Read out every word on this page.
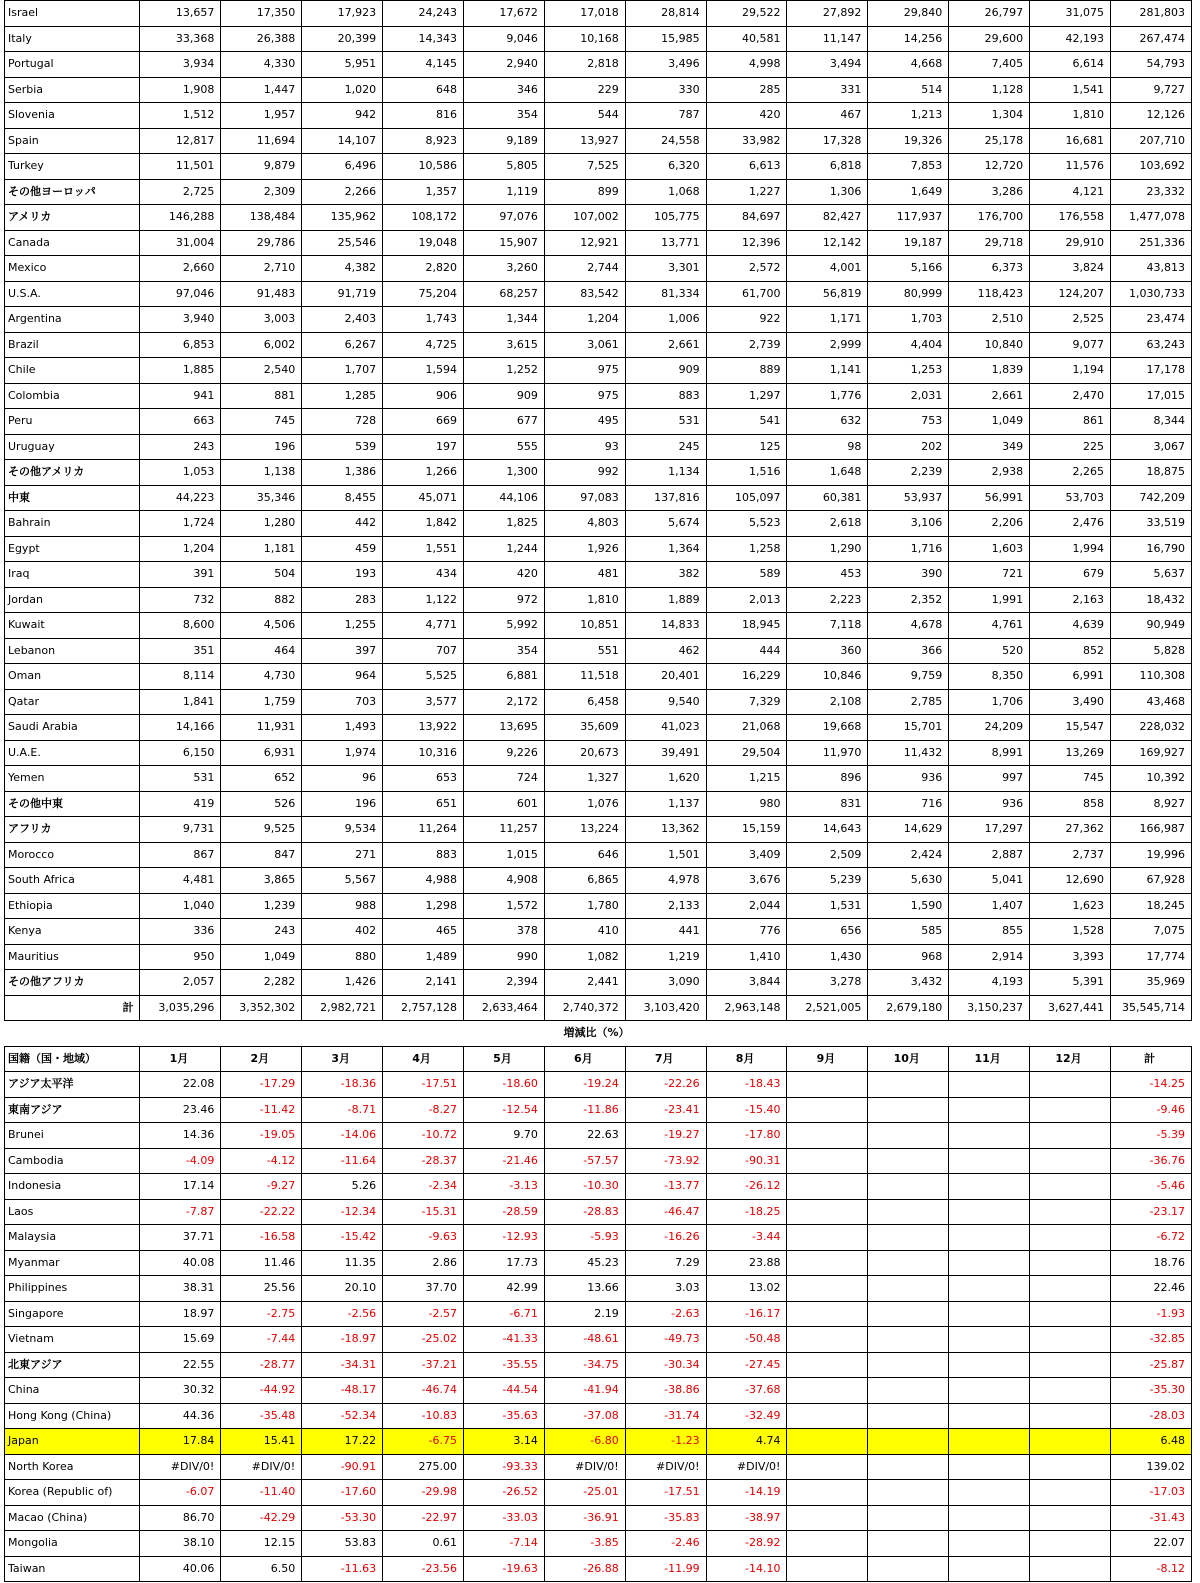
Israel	13,657	17,350	17,923	24,243	17,672	17,018	28,814	29,522	27,892	29,840	26,797	31,075	281,803
Italy	33,368	26,388	20,399	14,343	9,046	10,168	15,985	40,581	11,147	14,256	29,600	42,193	267,474
Portugal	3,934	4,330	5,951	4,145	2,940	2,818	3,496	4,998	3,494	4,668	7,405	6,614	54,793
Serbia	1,908	1,447	1,020	648	346	229	330	285	331	514	1,128	1,541	9,727
Slovenia	1,512	1,957	942	816	354	544	787	420	467	1,213	1,304	1,810	12,126
Spain	12,817	11,694	14,107	8,923	9,189	13,927	24,558	33,982	17,328	19,326	25,178	16,681	207,710
Turkey	11,501	9,879	6,496	10,586	5,805	7,525	6,320	6,613	6,818	7,853	12,720	11,576	103,692
その他ヨーロッパ	2,725	2,309	2,266	1,357	1,119	899	1,068	1,227	1,306	1,649	3,286	4,121	23,332
アメリカ	146,288	138,484	135,962	108,172	97,076	107,002	105,775	84,697	82,427	117,937	176,700	176,558	1,477,078
Canada	31,004	29,786	25,546	19,048	15,907	12,921	13,771	12,396	12,142	19,187	29,718	29,910	251,336
Mexico	2,660	2,710	4,382	2,820	3,260	2,744	3,301	2,572	4,001	5,166	6,373	3,824	43,813
U.S.A.	97,046	91,483	91,719	75,204	68,257	83,542	81,334	61,700	56,819	80,999	118,423	124,207	1,030,733
Argentina	3,940	3,003	2,403	1,743	1,344	1,204	1,006	922	1,171	1,703	2,510	2,525	23,474
Brazil	6,853	6,002	6,267	4,725	3,615	3,061	2,661	2,739	2,999	4,404	10,840	9,077	63,243
Chile	1,885	2,540	1,707	1,594	1,252	975	909	889	1,141	1,253	1,839	1,194	17,178
Colombia	941	881	1,285	906	909	975	883	1,297	1,776	2,031	2,661	2,470	17,015
Peru	663	745	728	669	677	495	531	541	632	753	1,049	861	8,344
Uruguay	243	196	539	197	555	93	245	125	98	202	349	225	3,067
その他アメリカ	1,053	1,138	1,386	1,266	1,300	992	1,134	1,516	1,648	2,239	2,938	2,265	18,875
中東	44,223	35,346	8,455	45,071	44,106	97,083	137,816	105,097	60,381	53,937	56,991	53,703	742,209
Bahrain	1,724	1,280	442	1,842	1,825	4,803	5,674	5,523	2,618	3,106	2,206	2,476	33,519
Egypt	1,204	1,181	459	1,551	1,244	1,926	1,364	1,258	1,290	1,716	1,603	1,994	16,790
Iraq	391	504	193	434	420	481	382	589	453	390	721	679	5,637
Jordan	732	882	283	1,122	972	1,810	1,889	2,013	2,223	2,352	1,991	2,163	18,432
Kuwait	8,600	4,506	1,255	4,771	5,992	10,851	14,833	18,945	7,118	4,678	4,761	4,639	90,949
Lebanon	351	464	397	707	354	551	462	444	360	366	520	852	5,828
Oman	8,114	4,730	964	5,525	6,881	11,518	20,401	16,229	10,846	9,759	8,350	6,991	110,308
Qatar	1,841	1,759	703	3,577	2,172	6,458	9,540	7,329	2,108	2,785	1,706	3,490	43,468
Saudi Arabia	14,166	11,931	1,493	13,922	13,695	35,609	41,023	21,068	19,668	15,701	24,209	15,547	228,032
U.A.E.	6,150	6,931	1,974	10,316	9,226	20,673	39,491	29,504	11,970	11,432	8,991	13,269	169,927
Yemen	531	652	96	653	724	1,327	1,620	1,215	896	936	997	745	10,392
その他中東	419	526	196	651	601	1,076	1,137	980	831	716	936	858	8,927
アフリカ	9,731	9,525	9,534	11,264	11,257	13,224	13,362	15,159	14,643	14,629	17,297	27,362	166,987
Morocco	867	847	271	883	1,015	646	1,501	3,409	2,509	2,424	2,887	2,737	19,996
South Africa	4,481	3,865	5,567	4,988	4,908	6,865	4,978	3,676	5,239	5,630	5,041	12,690	67,928
Ethiopia	1,040	1,239	988	1,298	1,572	1,780	2,133	2,044	1,531	1,590	1,407	1,623	18,245
Kenya	336	243	402	465	378	410	441	776	656	585	855	1,528	7,075
Mauritius	950	1,049	880	1,489	990	1,082	1,219	1,410	1,430	968	2,914	3,393	17,774
その他アフリカ	2,057	2,282	1,426	2,141	2,394	2,441	3,090	3,844	3,278	3,432	4,193	5,391	35,969
計	3,035,296	3,352,302	2,982,721	2,757,128	2,633,464	2,740,372	3,103,420	2,963,148	2,521,005	2,679,180	3,150,237	3,627,441	35,545,714
増減比（%）													
国籍（国・地域）	1月	2月	3月	4月	5月	6月	7月	8月	9月	10月	11月	12月	計
アジア太平洋	22.08	-17.29	-18.36	-17.51	-18.60	-19.24	-22.26	-18.43					-14.25
東南アジア	23.46	-11.42	-8.71	-8.27	-12.54	-11.86	-23.41	-15.40					-9.46
Brunei	14.36	-19.05	-14.06	-10.72	9.70	22.63	-19.27	-17.80					-5.39
Cambodia	-4.09	-4.12	-11.64	-28.37	-21.46	-57.57	-73.92	-90.31					-36.76
Indonesia	17.14	-9.27	5.26	-2.34	-3.13	-10.30	-13.77	-26.12					-5.46
Laos	-7.87	-22.22	-12.34	-15.31	-28.59	-28.83	-46.47	-18.25					-23.17
Malaysia	37.71	-16.58	-15.42	-9.63	-12.93	-5.93	-16.26	-3.44					-6.72
Myanmar	40.08	11.46	11.35	2.86	17.73	45.23	7.29	23.88					18.76
Philippines	38.31	25.56	20.10	37.70	42.99	13.66	3.03	13.02					22.46
Singapore	18.97	-2.75	-2.56	-2.57	-6.71	2.19	-2.63	-16.17					-1.93
Vietnam	15.69	-7.44	-18.97	-25.02	-41.33	-48.61	-49.73	-50.48					-32.85
北東アジア	22.55	-28.77	-34.31	-37.21	-35.55	-34.75	-30.34	-27.45					-25.87
China	30.32	-44.92	-48.17	-46.74	-44.54	-41.94	-38.86	-37.68					-35.30
Hong Kong (China)	44.36	-35.48	-52.34	-10.83	-35.63	-37.08	-31.74	-32.49					-28.03
Japan	17.84	15.41	17.22	-6.75	3.14	-6.80	-1.23	4.74					6.48
North Korea	#DIV/0!	#DIV/0!	-90.91	275.00	-93.33	#DIV/0!	#DIV/0!	#DIV/0!					139.02
Korea (Republic of)	-6.07	-11.40	-17.60	-29.98	-26.52	-25.01	-17.51	-14.19					-17.03
Macao (China)	86.70	-42.29	-53.30	-22.97	-33.03	-36.91	-35.83	-38.97					-31.43
Mongolia	38.10	12.15	53.83	0.61	-7.14	-3.85	-2.46	-28.92					22.07
Taiwan	40.06	6.50	-11.63	-23.56	-19.63	-26.88	-11.99	-14.10					-8.12
